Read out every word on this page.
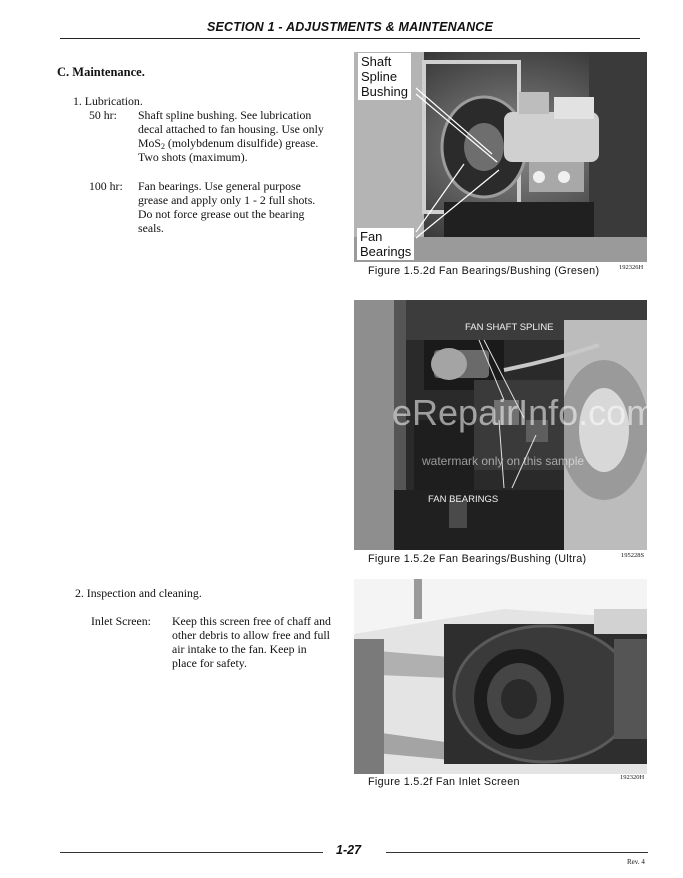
SECTION 1 - ADJUSTMENTS & MAINTENANCE
C. Maintenance.
1. Lubrication.
50 hr: Shaft spline bushing. See lubrication
decal attached to fan housing. Use only
MoS$_2$ (molybdenum disulfide) grease.
Two shots (maximum).
100 hr: Fan bearings. Use general purpose
grease and apply only 1 - 2 full shots.
Do not force grease out the bearing
seals.
2. Inspection and cleaning.
Inlet Screen: Keep this screen free of chaff and
other debris to allow free and full
air intake to the fan. Keep in
place for safety.
Shaft
Spline
Bushing
Fan
Bearings
Figure 1.5.2d Fan Bearings/Bushing (Gresen)	192326H
FAN SHAFT SPLINE
FAN BEARINGS
Figure 1.5.2e Fan Bearings/Bushing (Ultra)	195228S
eRepairInfo.com
watermark only on this sample
Figure 1.5.2f Fan Inlet Screen	192320H
1-27
Rev. 4
